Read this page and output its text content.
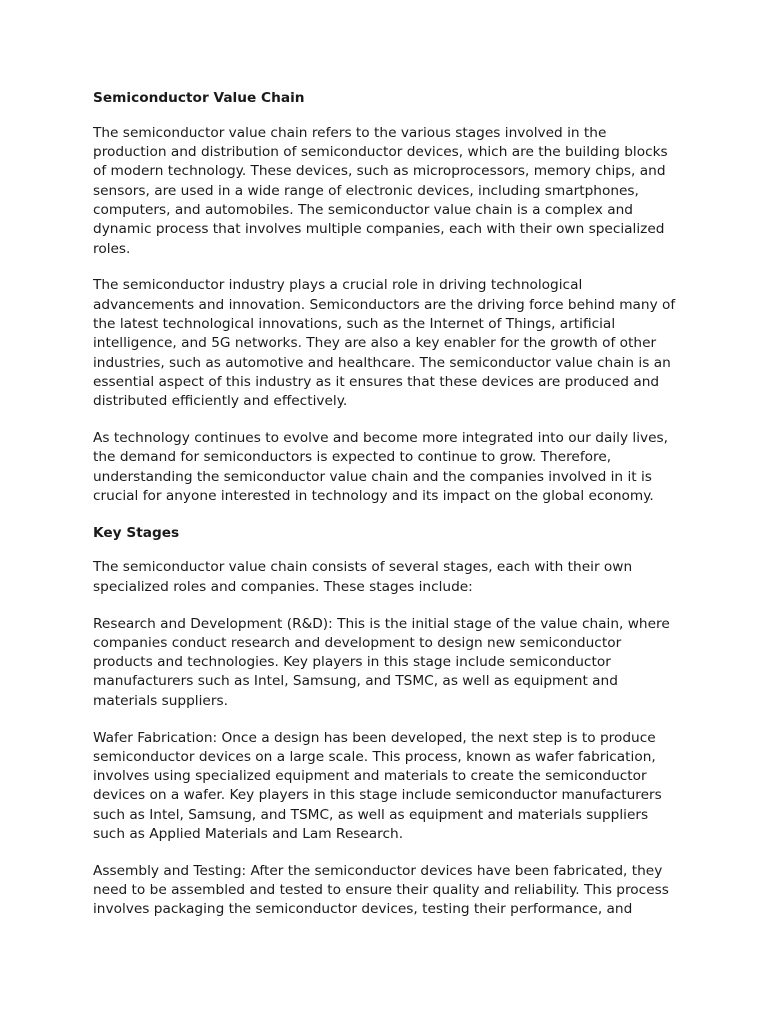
Semiconductor Value Chain

The semiconductor value chain refers to the various stages involved in the production and distribution of semiconductor devices, which are the building blocks of modern technology. These devices, such as microprocessors, memory chips, and sensors, are used in a wide range of electronic devices, including smartphones, computers, and automobiles. The semiconductor value chain is a complex and dynamic process that involves multiple companies, each with their own specialized roles.

The semiconductor industry plays a crucial role in driving technological advancements and innovation. Semiconductors are the driving force behind many of the latest technological innovations, such as the Internet of Things, artificial intelligence, and 5G networks. They are also a key enabler for the growth of other industries, such as automotive and healthcare. The semiconductor value chain is an essential aspect of this industry as it ensures that these devices are produced and distributed efficiently and effectively.

As technology continues to evolve and become more integrated into our daily lives, the demand for semiconductors is expected to continue to grow. Therefore, understanding the semiconductor value chain and the companies involved in it is crucial for anyone interested in technology and its impact on the global economy.

Key Stages

The semiconductor value chain consists of several stages, each with their own specialized roles and companies. These stages include:

Research and Development (R&D): This is the initial stage of the value chain, where companies conduct research and development to design new semiconductor products and technologies. Key players in this stage include semiconductor manufacturers such as Intel, Samsung, and TSMC, as well as equipment and materials suppliers.

Wafer Fabrication: Once a design has been developed, the next step is to produce semiconductor devices on a large scale. This process, known as wafer fabrication, involves using specialized equipment and materials to create the semiconductor devices on a wafer. Key players in this stage include semiconductor manufacturers such as Intel, Samsung, and TSMC, as well as equipment and materials suppliers such as Applied Materials and Lam Research.

Assembly and Testing: After the semiconductor devices have been fabricated, they need to be assembled and tested to ensure their quality and reliability. This process involves packaging the semiconductor devices, testing their performance, and
